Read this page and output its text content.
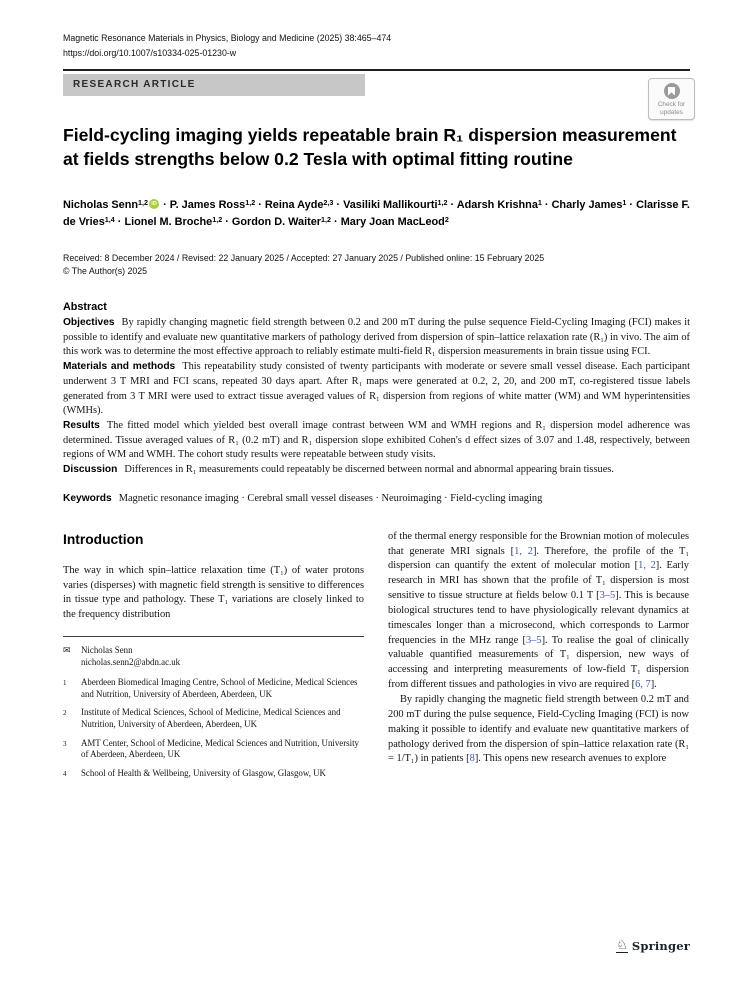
Magnetic Resonance Materials in Physics, Biology and Medicine (2025) 38:465–474
https://doi.org/10.1007/s10334-025-01230-w
RESEARCH ARTICLE
Check for
updates
Field-cycling imaging yields repeatable brain R₁ dispersion measurement at fields strengths below 0.2 Tesla with optimal fitting routine
Nicholas Senn$^{1,2}$iD · P. James Ross$^{1,2}$ · Reina Ayde$^{2,3}$ · Vasiliki Mallikourti$^{1,2}$ · Adarsh Krishna$^1$ · Charly James$^1$ · Clarisse F. de Vries$^{1,4}$ · Lionel M. Broche$^{1,2}$ · Gordon D. Waiter$^{1,2}$ · Mary Joan MacLeod$^2$
Received: 8 December 2024 / Revised: 22 January 2025 / Accepted: 27 January 2025 / Published online: 15 February 2025
© The Author(s) 2025
Abstract
Objectives By rapidly changing magnetic field strength between 0.2 and 200 mT during the pulse sequence Field-Cycling Imaging (FCI) makes it possible to identify and evaluate new quantitative markers of pathology derived from dispersion of spin–lattice relaxation rate (R₁) in vivo. The aim of this work was to determine the most effective approach to reliably estimate multi-field R₁ dispersion measurements in brain tissue using FCI.
Materials and methods This repeatability study consisted of twenty participants with moderate or severe small vessel disease. Each participant underwent 3 T MRI and FCI scans, repeated 30 days apart. After R₁ maps were generated at 0.2, 2, 20, and 200 mT, co-registered tissue labels generated from 3 T MRI were used to extract tissue averaged values of R₁ dispersion from regions of white matter (WM) and WM hyperintensities (WMHs).
Results The fitted model which yielded best overall image contrast between WM and WMH regions and R₁ dispersion model adherence was determined. Tissue averaged values of R₁ (0.2 mT) and R₁ dispersion slope exhibited Cohen's d effect sizes of 3.07 and 1.48, respectively, between regions of WM and WMH. The cohort study results were repeatable between study visits.
Discussion Differences in R₁ measurements could repeatably be discerned between normal and abnormal appearing brain tissues.
Keywords Magnetic resonance imaging · Cerebral small vessel diseases · Neuroimaging · Field-cycling imaging
Introduction

The way in which spin–lattice relaxation time (T₁) of water protons varies (disperses) with magnetic field strength is sensitive to differences in tissue type and pathology. These T₁ variations are closely linked to the frequency distribution

✉	Nicholas Senn
nicholas.senn2@abdn.ac.uk
1	Aberdeen Biomedical Imaging Centre, School of Medicine, Medical Sciences and Nutrition, University of Aberdeen, Aberdeen, UK
2	Institute of Medical Sciences, School of Medicine, Medical Sciences and Nutrition, University of Aberdeen, Aberdeen, UK
3	AMT Center, School of Medicine, Medical Sciences and Nutrition, University of Aberdeen, Aberdeen, UK
4	School of Health & Wellbeing, University of Glasgow, Glasgow, UK

of the thermal energy responsible for the Brownian motion of molecules that generate MRI signals [1, 2]. Therefore, the profile of the T₁ dispersion can quantify the extent of molecular motion [1, 2]. Early research in MRI has shown that the profile of T₁ dispersion is most sensitive to tissue structure at fields below 0.1 T [3–5]. This is because biological structures tend to have physiologically relevant dynamics at timescales longer than a microsecond, which corresponds to Larmor frequencies in the MHz range [3–5]. To realise the goal of clinically valuable quantified measurements of T₁ dispersion, new ways of accessing and interpreting measurements of low-field T₁ dispersion from different tissues and pathologies in vivo are required [6, 7].

By rapidly changing the magnetic field strength between 0.2 mT and 200 mT during the pulse sequence, Field-Cycling Imaging (FCI) is now making it possible to identify and evaluate new quantitative markers of pathology derived from the dispersion of spin–lattice relaxation rate (R₁ = 1/T₁) in patients [8]. This opens new research avenues to explore

♘ Springer
